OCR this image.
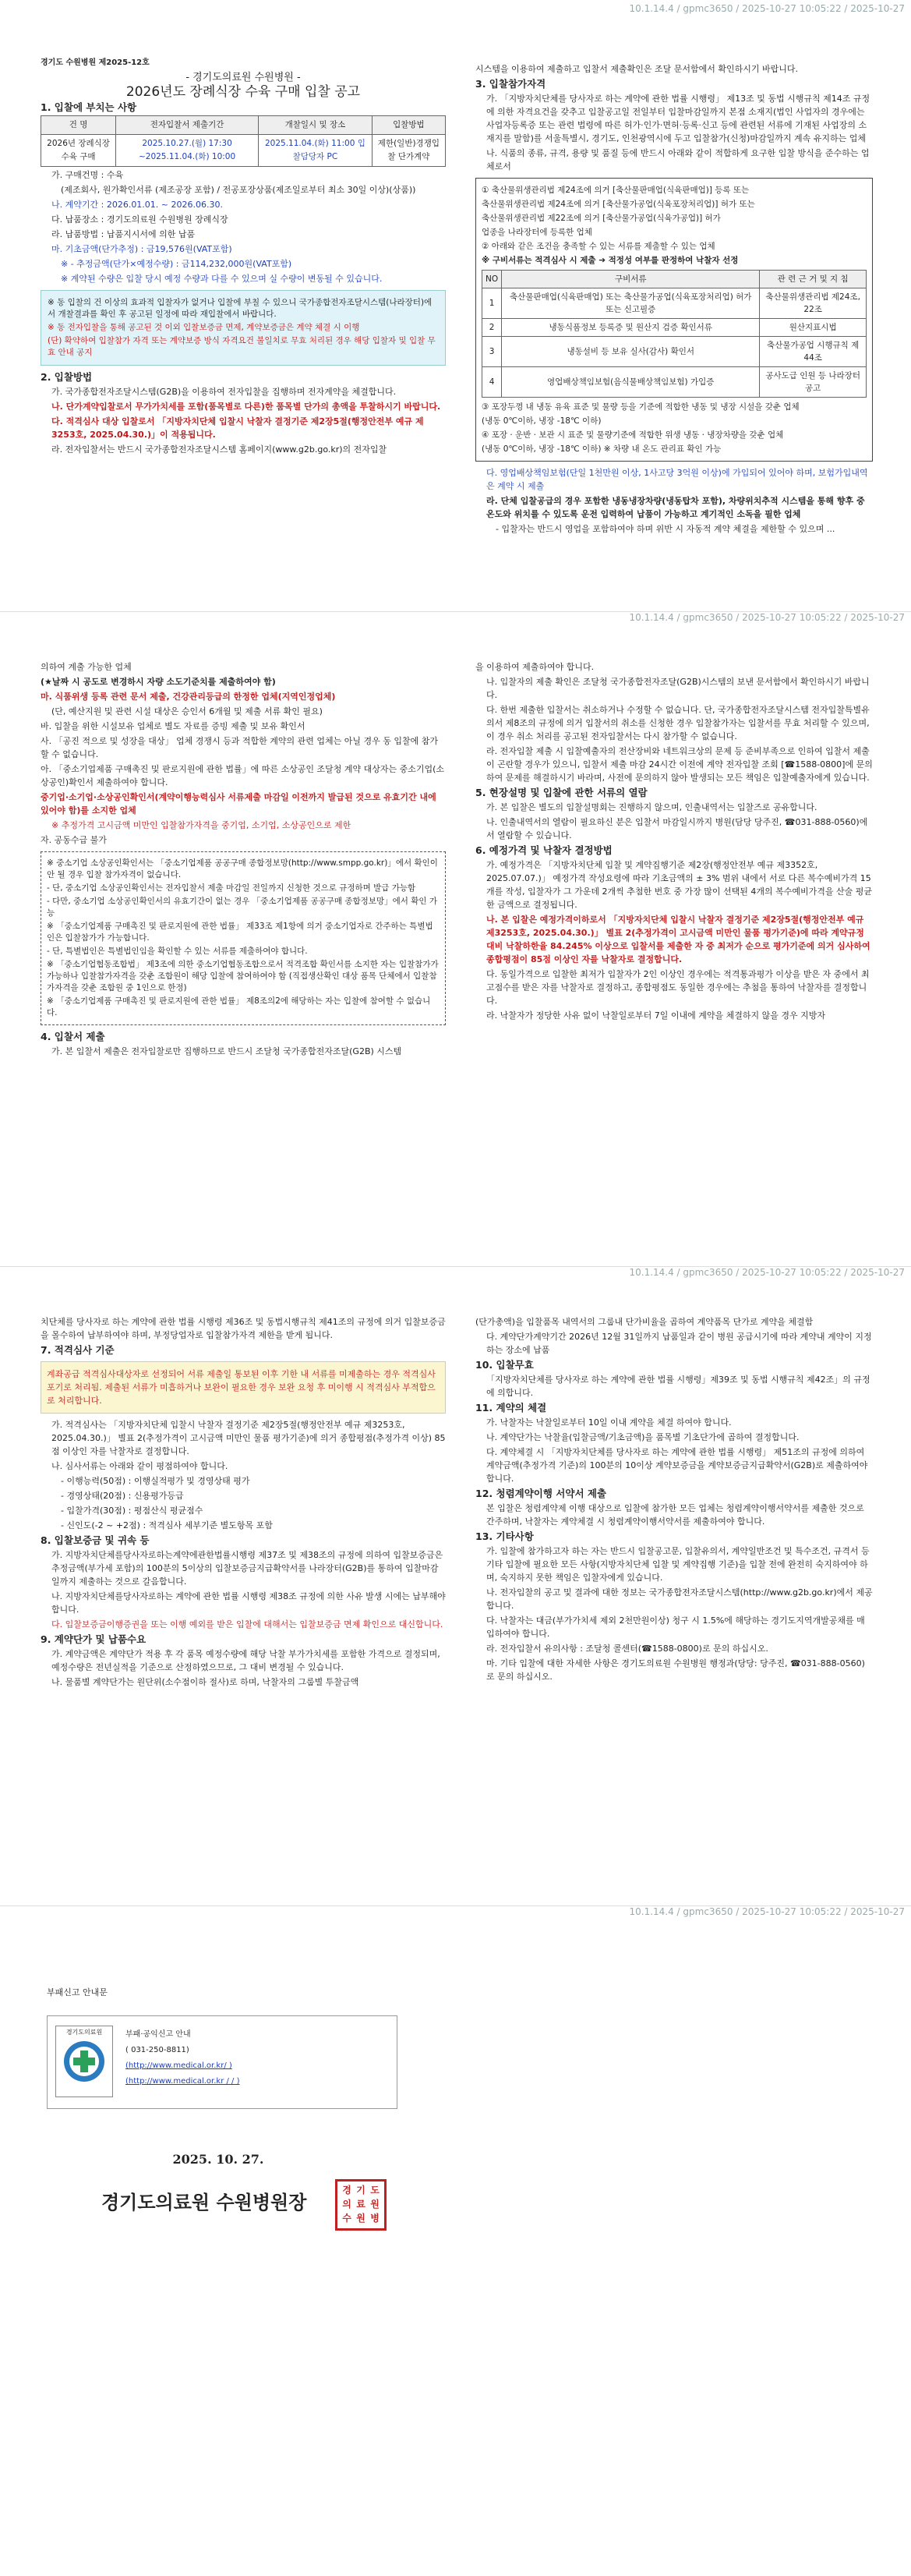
10.1.14.4 / gpmc3650 / 2025-10-27 10:05:22 / 2025-10-27

경기도 수원병원 제2025-12호

- 경기도의료원 수원병원 -

2026년도 장례식장 수육 구매 입찰 공고

1. 입찰에 부치는 사항

건 명	전자입찰서 제출기간	개찰일시 및 장소	입찰방법
2026년 장례식장 수육 구매	2025.10.27.(월) 17:30 ~2025.11.04.(화) 10:00	2025.11.04.(화) 11:00 입찰담당자 PC	제한(일반)경쟁입찰 단가계약

가. 구매건명 : 수육

(제조회사, 원가확인서류 (제조공장 포함) / 전공포장상품(제조일로부터 최소 30일 이상)(상품))

나. 계약기간 : 2026.01.01. ~ 2026.06.30.

다. 납품장소 : 경기도의료원 수원병원 장례식장

라. 납품방법 : 납품지시서에 의한 납품

마. 기초금액(단가추정) : 금19,576원(VAT포함)

※ - 추정금액(단가×예정수량) : 금114,232,000원(VAT포함)

※ 계약된 수량은 입찰 당시 예정 수량과 다를 수 있으며 실 수량이 변동될 수 있습니다.

※ 동 입찰의 건 이상의 효과적 입찰자가 없거나 입찰에 부칠 수 있으니 국가종합전자조달시스템(나라장터)에서 개찰결과를 확인 후 공고된 일정에 따라 재입찰에서 바랍니다.

※ 동 전자입찰을 통해 공고된 것 이외 입찰보증금 면제, 계약보증금은 계약 체결 시 이행

(단) 확약하여 입찰참가 자격 또는 계약보증 방식 자격요건 불일치로 무효 처리된 경우 해당 입찰자 및 입찰 무효 안내 공지

2. 입찰방법

가. 국가종합전자조달시스템(G2B)을 이용하여 전자입찰을 집행하며 전자계약을 체결합니다.

나. 단가계약입찰로서 무가가치세를 포함(품목별로 다른)한 품목별 단가의 총액을 투찰하시기 바랍니다.

다. 적격심사 대상 입찰로서 「지방자치단체 입찰시 낙찰자 결정기준 제2장5절(행정안전부 예규 제3253호, 2025.04.30.)」이 적용됩니다.

라. 전자입찰서는 반드시 국가종합전자조달시스템 홈페이지(www.g2b.go.kr)의 전자입찰

시스템을 이용하여 제출하고 입찰서 제출확인은 조달 문서함에서 확인하시기 바랍니다.

3. 입찰참가자격

가. 「지방자치단체를 당사자로 하는 계약에 관한 법률 시행령」 제13조 및 동법 시행규칙 제14조 규정에 의한 자격요건을 갖추고 입찰공고일 전일부터 입찰마감일까지 본점 소재지(법인 사업자의 경우에는 사업자등록증 또는 관련 법령에 따른 허가·인가·면허·등록·신고 등에 관련된 서류에 기재된 사업장의 소재지를 말함)를 서울특별시, 경기도, 인천광역시에 두고 입찰참가(신청)마감일까지 계속 유지하는 업체

나. 식품의 종류, 규격, 용량 및 품질 등에 반드시 아래와 같이 적합하게 요구한 입찰 방식을 준수하는 업체로서

① 축산물위생관리법 제24조에 의거 [축산물판매업(식육판매업)] 등록 또는

축산물위생관리법 제24조에 의거 [축산물가공업(식육포장처리업)] 허가 또는

축산물위생관리법 제22조에 의거 [축산물가공업(식육가공업)] 허가

업종을 나라장터에 등록한 업체

② 아래와 같은 조건을 충족할 수 있는 서류를 제출할 수 있는 업체

※ 구비서류는 적격심사 시 제출 ➔ 적정성 여부를 판정하여 낙찰자 선정

NO	구비서류	관 련 근 거 및 지 침
1	축산물판매업(식육판매업) 또는 축산물가공업(식육포장처리업) 허가 또는 신고필증	축산물위생관리법 제24조, 22조
2	냉동식품정보 등록증 및 원산지 검증 확인서류	원산지표시법
3	냉동설비 등 보유 실사(감사) 확인서	축산물가공업 시행규칙 제44조
4	영업배상책임보험(음식물배상책임보험) 가입증	공사도급 인원 등 나라장터 공고

③ 포장두껑 내 냉동 유육 표준 및 물량 등을 기준에 적합한 냉동 및 냉장 시설을 갖춘 업체

(냉동 0℃이하, 냉장 -18℃ 이하)

④ 포장 · 운반 · 보관 시 표준 및 물량기준에 적합한 위생 냉동 · 냉장차량을 갖춘 업체

(냉동 0℃이하, 냉장 -18℃ 이하) ※ 차량 내 온도 관리표 확인 가능

다. 영업배상책임보험(단일 1천만원 이상, 1사고당 3억원 이상)에 가입되어 있어야 하며, 보험가입내역은 계약 시 제출

라. 단체 입찰공급의 경우 포함한 냉동냉장차량(냉동탑차 포함), 차량위치추적 시스템을 통해 향후 중 온도와 위치를 수 있도록 운전 입력하여 납품이 가능하고 계기적인 소독을 필한 업체

- 입찰자는 반드시 영업을 포함하여야 하며 위반 시 자동적 계약 체결을 제한할 수 있으며 ...

10.1.14.4 / gpmc3650 / 2025-10-27 10:05:22 / 2025-10-27

의하여 계출 가능한 업체

(★날짜 시 공도로 변경하시 자량 소도기준치를 제출하여야 함)

마. 식품위생 등록 관련 문서 제출, 건강관리등급의 한정한 업체(지역인정업체)

(단, 예산지원 및 관련 시설 대상은 승인서 6개월 및 제출 서류 확인 필요)

바. 입찰을 위한 시설보유 업체로 별도 자료를 증빙 제출 및 보유 확인서

사. 「공진 적으로 및 성장을 대상」 업체 경쟁시 등과 적합한 계약의 관련 업체는 아닐 경우 동 입찰에 참가할 수 없습니다.

아. 「중소기업제품 구매촉진 및 판로지원에 관한 법률」에 따른 소상공인 조달청 계약 대상자는 중소기업(소상공인)확인서 제출하여야 합니다.

중기업·소기업·소상공인확인서(계약이행능력심사 서류제출 마감일 이전까지 발급된 것으로 유효기간 내에 있어야 함)를 소지한 업체

※ 추정가격 고시금액 미만인 입찰참가자격을 중기업, 소기업, 소상공인으로 제한

자. 공동수급 불가

※ 중소기업 소상공인확인서는 「중소기업제품 공공구매 종합정보망(http://www.smpp.go.kr)」에서 확인이 안 될 경우 입찰 참가자격이 없습니다.

- 단, 중소기업 소상공인확인서는 전자입찰서 제출 마감일 전일까지 신청한 것으로 규정하며 발급 가능함

- 다만, 중소기업 소상공인확인서의 유효기간이 없는 경우 「중소기업제품 공공구매 종합정보망」에서 확인 가능

※ 「중소기업제품 구매촉진 및 판로지원에 관한 법률」 제33조 제1항에 의거 중소기업자로 간주하는 특별법인은 입찰참가가 가능합니다.

- 단, 특별법인은 특별법인임을 확인할 수 있는 서류를 제출하여야 합니다.

※ 「중소기업협동조합법」 제3조에 의한 중소기업협동조합으로서 적격조합 확인서를 소지한 자는 입찰참가가 가능하나 입찰참가자격을 갖춘 조합원이 해당 입찰에 참여하여야 함 (직접생산확인 대상 품목 단체에서 입찰참가자격을 갖춘 조합원 중 1인으로 한정)

※ 「중소기업제품 구매촉진 및 판로지원에 관한 법률」 제8조의2에 해당하는 자는 입찰에 참여할 수 없습니다.

4. 입찰서 제출

가. 본 입찰서 제출은 전자입찰로만 집행하므로 반드시 조달청 국가종합전자조달(G2B) 시스템

을 이용하여 제출하여야 합니다.

나. 입찰자의 제출 확인은 조달청 국가종합전자조달(G2B)시스템의 보낸 문서함에서 확인하시기 바랍니다.

다. 한번 제출한 입찰서는 취소하거나 수정할 수 없습니다. 단, 국가종합전자조달시스템 전자입찰특별유의서 제8조의 규정에 의거 입찰서의 취소를 신청한 경우 입찰참가자는 입찰서를 무효 처리할 수 있으며, 이 경우 취소 처리를 공고된 전자입찰서는 다시 참가할 수 없습니다.

라. 전자입찰 제출 시 입찰예출자의 전산장비와 네트워크상의 문제 등 준비부족으로 인하여 입찰서 제출이 곤란할 경우가 있으니, 입찰서 제출 마감 24시간 이전에 계약 전자입찰 조회 [☎1588-0800]에 문의하여 문제를 해결하시기 바라며, 사전에 문의하지 않아 발생되는 모든 책임은 입찰예출자에게 있습니다.

5. 현장설명 및 입찰에 관한 서류의 열람

가. 본 입찰은 별도의 입찰설명회는 진행하지 않으며, 인출내역서는 입찰즈로 공유합니다.

나. 인출내역서의 열람이 필요하신 분은 입찰서 마감일시까지 병원(담당 당주진, ☎031-888-0560)에서 열람할 수 있습니다.

6. 예정가격 및 낙찰자 결정방법

가. 예정가격은 「지방자치단체 입찰 및 계약집행기준 제2장(행정안전부 예규 제3352호, 2025.07.07.)」 예정가격 작성요령에 따라 기초금액의 ± 3% 범위 내에서 서로 다른 복수예비가격 15개를 작성, 입찰자가 그 가운데 2개씩 추첨한 번호 중 가장 많이 선택된 4개의 복수예비가격을 산술 평균한 금액으로 결정됩니다.

나. 본 입찰은 예정가격이하로서 「지방자치단체 입찰시 낙찰자 결정기준 제2장5절(행정안전부 예규 제3253호, 2025.04.30.)」 별표 2(추정가격이 고시금액 미만인 물품 평가기준)에 따라 계약규정 대비 낙찰하한율 84.245% 이상으로 입찰서를 제출한 자 중 최저가 순으로 평가기준에 의거 심사하여 종합평점이 85점 이상인 자를 낙찰자로 결정합니다.

다. 동일가격으로 입찰한 최저가 입찰자가 2인 이상인 경우에는 적격통과평가 이상을 받은 자 중에서 최고점수를 받은 자를 낙찰자로 결정하고, 종합평점도 동일한 경우에는 추첨을 통하여 낙찰자를 결정합니다.

라. 낙찰자가 정당한 사유 없이 낙찰일로부터 7일 이내에 계약을 체결하지 않을 경우 지방자

10.1.14.4 / gpmc3650 / 2025-10-27 10:05:22 / 2025-10-27

치단체를 당사자로 하는 계약에 관한 법률 시행령 제36조 및 동법시행규칙 제41조의 규정에 의거 입찰보증금을 몰수하여 납부하여야 하며, 부정당업자로 입찰참가자격 제한을 받게 됩니다.

7. 적격심사 기준

계좌공급 적격심사대상자로 선정되어 서류 제출일 통보된 이후 기한 내 서류를 미제출하는 경우 적격심사 포기로 처리됨. 제출된 서류가 미흡하거나 보완이 필요한 경우 보완 요청 후 미이행 시 적격심사 부적합으로 처리합니다.

가. 적격심사는 「지방자치단체 입찰시 낙찰자 결정기준 제2장5절(행정안전부 예규 제3253호, 2025.04.30.)」 별표 2(추정가격이 고시금액 미만인 물품 평가기준)에 의거 종합평점(추정가격 이상) 85점 이상인 자를 낙찰자로 결정합니다.

나. 심사서류는 아래와 같이 평점하여야 합니다.

- 이행능력(50점) : 이행실적평가 및 경영상태 평가

- 경영상태(20점) : 신용평가등급

- 입찰가격(30점) : 평점산식 평균점수

- 신인도(-2 ~ +2점) : 적격심사 세부기준 별도항목 포함

8. 입찰보증금 및 귀속 등

가. 지방자치단체를당사자로하는계약에관한법률시행령 제37조 및 제38조의 규정에 의하여 입찰보증금은 추정금액(부가세 포함)의 100분의 5이상의 입찰보증금지급확약서를 나라장터(G2B)를 통하여 입찰마감일까지 제출하는 것으로 갈음합니다.

나. 지방자치단체를당사자로하는 계약에 관한 법률 시행령 제38조 규정에 의한 사유 발생 시에는 납부해야 합니다.

다. 입찰보증금이행증권을 또는 이행 예외를 받은 입찰에 대해서는 입찰보증금 면제 확인으로 대신합니다.

9. 계약단가 및 납품수요

가. 계약금액은 계약단가 적용 후 각 품목 예정수량에 해당 낙찰 부가가치세를 포함한 가격으로 결정되며, 예정수량은 전년실적을 기준으로 산정하였으므로, 그 대비 변경될 수 있습니다.

나. 물품별 계약단가는 원단위(소수점이하 절사)로 하며, 낙찰자의 그룹별 투찰금액

(단가총액)을 입찰품목 내역서의 그룹내 단가비율을 곱하여 계약품목 단가로 계약을 체결함

다. 계약단가계약기간 2026년 12월 31일까지 납품일과 같이 병원 공급시기에 따라 계약내 계약이 지정하는 장소에 납품

10. 입찰무효

「지방자치단체를 당사자로 하는 계약에 관한 법률 시행령」제39조 및 동법 시행규칙 제42조」의 규정에 의합니다.

11. 계약의 체결

가. 낙찰자는 낙찰일로부터 10일 이내 계약을 체결 하여야 합니다.

나. 계약단가는 낙찰율(입찰금액/기초금액)을 품목별 기초단가에 곱하여 결정합니다.

다. 계약체결 시 「지방자치단체를 당사자로 하는 계약에 관한 법률 시행령」 제51조의 규정에 의하여 계약금액(추정가격 기준)의 100분의 10이상 계약보증금을 계약보증금지급확약서(G2B)로 제출하여야 합니다.

12. 청렴계약이행 서약서 제출

본 입찰은 청렴계약제 이행 대상으로 입찰에 참가한 모든 업체는 청렴계약이행서약서를 제출한 것으로 간주하며, 낙찰자는 계약체결 시 청렴계약이행서약서를 제출하여야 합니다.

13. 기타사항

가. 입찰에 참가하고자 하는 자는 반드시 입찰공고문, 입찰유의서, 계약일반조건 및 특수조건, 규격서 등 기타 입찰에 필요한 모든 사항(지방자치단체 입찰 및 계약집행 기준)을 입찰 전에 완전히 숙지하여야 하며, 숙지하지 못한 책임은 입찰자에게 있습니다.

나. 전자입찰의 공고 및 결과에 대한 정보는 국가종합전자조달시스템(http://www.g2b.go.kr)에서 제공합니다.

다. 낙찰자는 대금(부가가치세 제외 2천만원이상) 청구 시 1.5%에 해당하는 경기도지역개발공채를 매입하여야 합니다.

라. 전자입찰서 유의사항 : 조달청 콜센터(☎1588-0800)로 문의 하십시오.

마. 기타 입찰에 대한 자세한 사항은 경기도의료원 수원병원 행정과(당당: 당주진, ☎031-888-0560)로 문의 하십시오.

10.1.14.4 / gpmc3650 / 2025-10-27 10:05:22 / 2025-10-27

부패신고 안내문

경기도의료원	부패·공익신고 안내

( 031-250-8811)

(http://www.medical.or.kr/ )

(http://www.medical.or.kr / / )

2025. 10. 27.

경기도의료원 수원병원장

경 기 도
의 료 원
수 원 병
